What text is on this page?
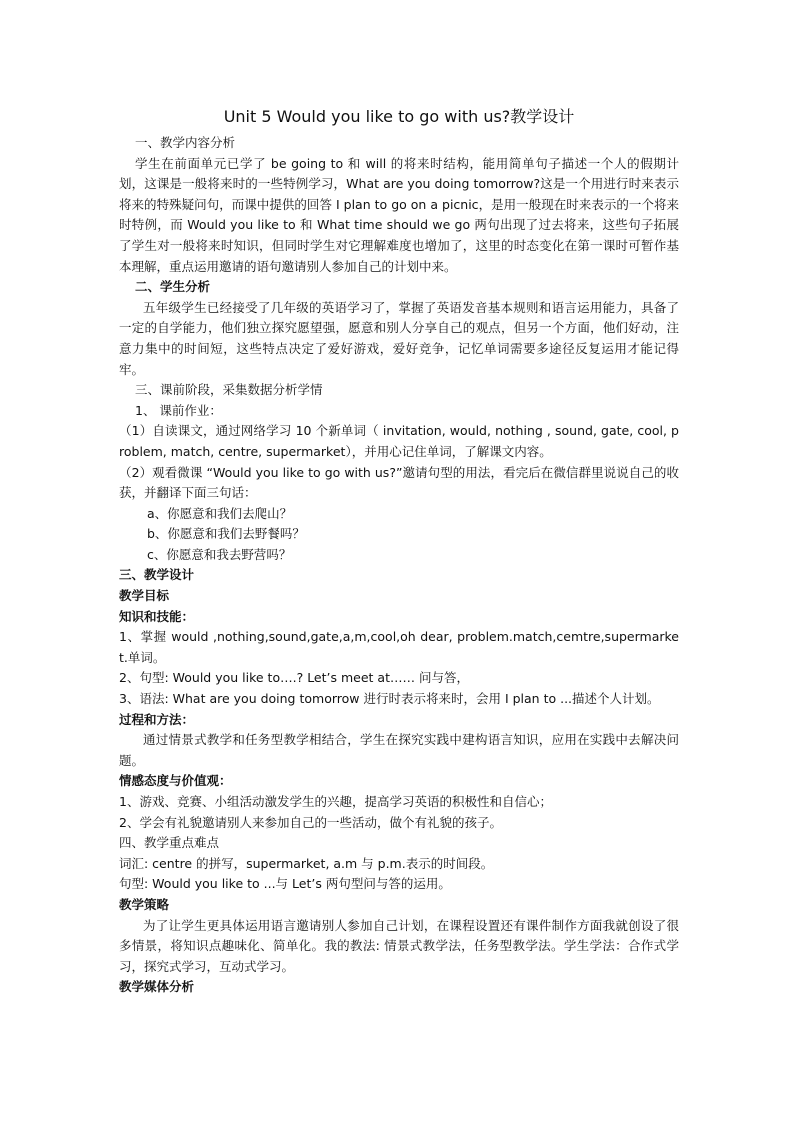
Unit 5 Would you like to go with us?教学设计

一、教学内容分析

学生在前面单元已学了 be going to 和 will 的将来时结构，能用简单句子描述一个人的假期计划，这课是一般将来时的一些特例学习，What are you doing tomorrow?这是一个用进行时来表示将来的特殊疑问句，而课中提供的回答 I plan to go on a picnic，是用一般现在时来表示的一个将来时特例，而 Would you like to 和 What time should we go 两句出现了过去将来，这些句子拓展了学生对一般将来时知识，但同时学生对它理解难度也增加了，这里的时态变化在第一课时可暂作基本理解，重点运用邀请的语句邀请别人参加自己的计划中来。

二、学生分析

五年级学生已经接受了几年级的英语学习了，掌握了英语发音基本规则和语言运用能力，具备了一定的自学能力，他们独立探究愿望强，愿意和别人分享自己的观点，但另一个方面，他们好动，注意力集中的时间短，这些特点决定了爱好游戏，爱好竞争，记忆单词需要多途径反复运用才能记得牢。

三、课前阶段，采集数据分析学情

1、 课前作业：

（1）自读课文，通过网络学习 10 个新单词（ invitation, would, nothing , sound, gate, cool, problem, match, centre, supermarket），并用心记住单词，了解课文内容。

（2）观看微课 “Would you like to go with us?”邀请句型的用法，看完后在微信群里说说自己的收获，并翻译下面三句话：

a、你愿意和我们去爬山？

b、你愿意和我们去野餐吗？

c、你愿意和我去野营吗？

三、教学设计

教学目标

知识和技能：

1、掌握 would ,nothing,sound,gate,a,m,cool,oh dear, problem.match,cemtre,supermarket.单词。

2、句型: Would you like to….? Let’s meet at…… 问与答，

3、语法: What are you doing tomorrow 进行时表示将来时，会用 I plan to ...描述个人计划。

过程和方法：

通过情景式教学和任务型教学相结合，学生在探究实践中建构语言知识，应用在实践中去解决问题。

情感态度与价值观：

1、游戏、竞赛、小组活动激发学生的兴趣，提高学习英语的积极性和自信心；

2、学会有礼貌邀请别人来参加自己的一些活动，做个有礼貌的孩子。

四、教学重点难点

词汇: centre 的拼写，supermarket, a.m 与 p.m.表示的时间段。

句型: Would you like to ...与 Let’s 两句型问与答的运用。

教学策略

为了让学生更具体运用语言邀请别人参加自己计划，在课程设置还有课件制作方面我就创设了很多情景，将知识点趣味化、简单化。我的教法: 情景式教学法，任务型教学法。学生学法：合作式学习，探究式学习，互动式学习。

教学媒体分析
